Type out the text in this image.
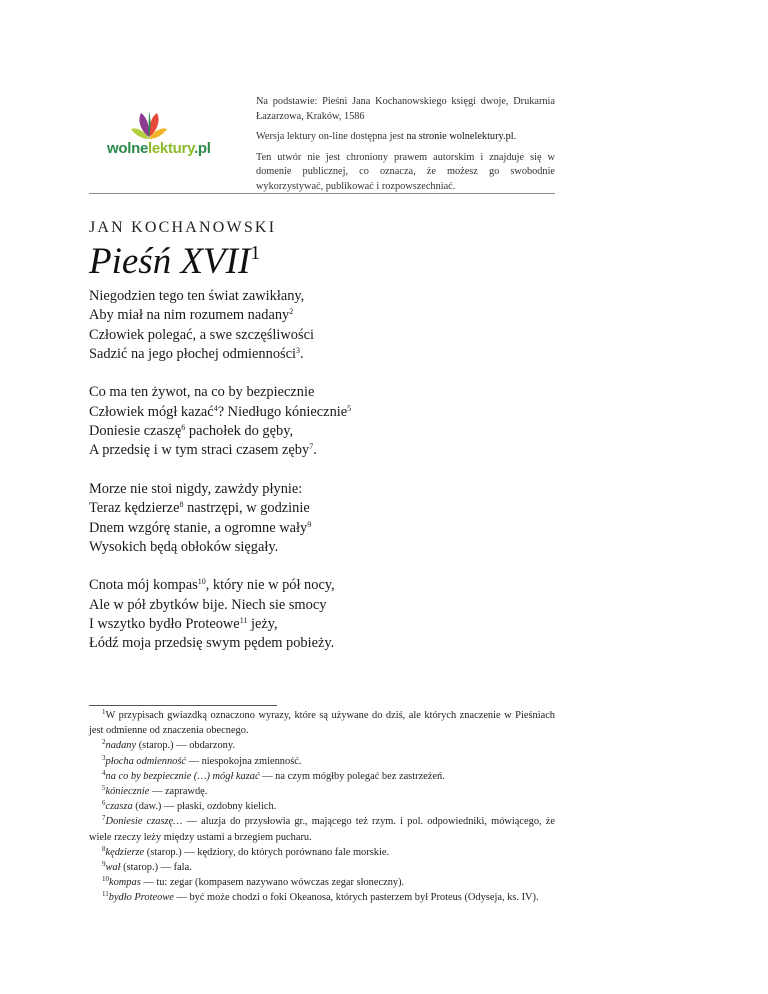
wolnelektury.pl

Na podstawie: Pieśni Jana Kochanowskiego księgi dwoje, Drukarnia Łazarzowa, Kraków, 1586

Wersja lektury on-line dostępna jest na stronie wolnelektury.pl.

Ten utwór nie jest chroniony prawem autorskim i znajduje się w domenie publicznej, co oznacza, że możesz go swobodnie wykorzystywać, publikować i rozpowszechniać.

JAN KOCHANOWSKI
Pieśń XVII$^1$
Niegodzien tego ten świat zawikłany,
Aby miał na nim rozumem nadany$^2$
Człowiek polegać, a swe szczęśliwości
Sadzić na jego płochej odmienności$^3$.
Co ma ten żywot, na co by bezpiecznie
Człowiek mógł kazać$^4$? Niedługo kóniecznie$^5$
Doniesie czaszę$^6$ pachołek do gęby,
A przedsię i w tym straci czasem zęby$^7$.
Morze nie stoi nigdy, zawżdy płynie:
Teraz kędzierze$^8$ nastrzępi, w godzinie
Dnem wzgórę stanie, a ogromne wały$^9$
Wysokich będą obłoków sięgały.
Cnota mój kompas$^{10}$, który nie w pół nocy,
Ale w pół zbytków bije. Niech sie smocy
I wszytko bydło Proteowe$^{11}$ jeży,
Łódź moja przedsię swym pędem pobieży.

$^1$W przypisach gwiazdką oznaczono wyrazy, które są używane do dziś, ale których znaczenie w Pieśniach jest odmienne od znaczenia obecnego.

$^2$nadany (starop.) — obdarzony.

$^3$płocha odmienność — niespokojna zmienność.

$^4$na co by bezpiecznie (…) mógł kazać — na czym mógłby polegać bez zastrzeżeń.

$^5$kóniecznie — zaprawdę.

$^6$czasza (daw.) — płaski, ozdobny kielich.

$^7$Doniesie czaszę… — aluzja do przysłowia gr., mającego też rzym. i pol. odpowiedniki, mówiącego, że wiele rzeczy leży między ustami a brzegiem pucharu.

$^8$kędzierze (starop.) — kędziory, do których porównano fale morskie.

$^9$wał (starop.) — fala.

$^{10}$kompas — tu: zegar (kompasem nazywano wówczas zegar słoneczny).

$^{11}$bydło Proteowe — być może chodzi o foki Okeanosa, których pasterzem był Proteus (Odyseja, ks. IV).
